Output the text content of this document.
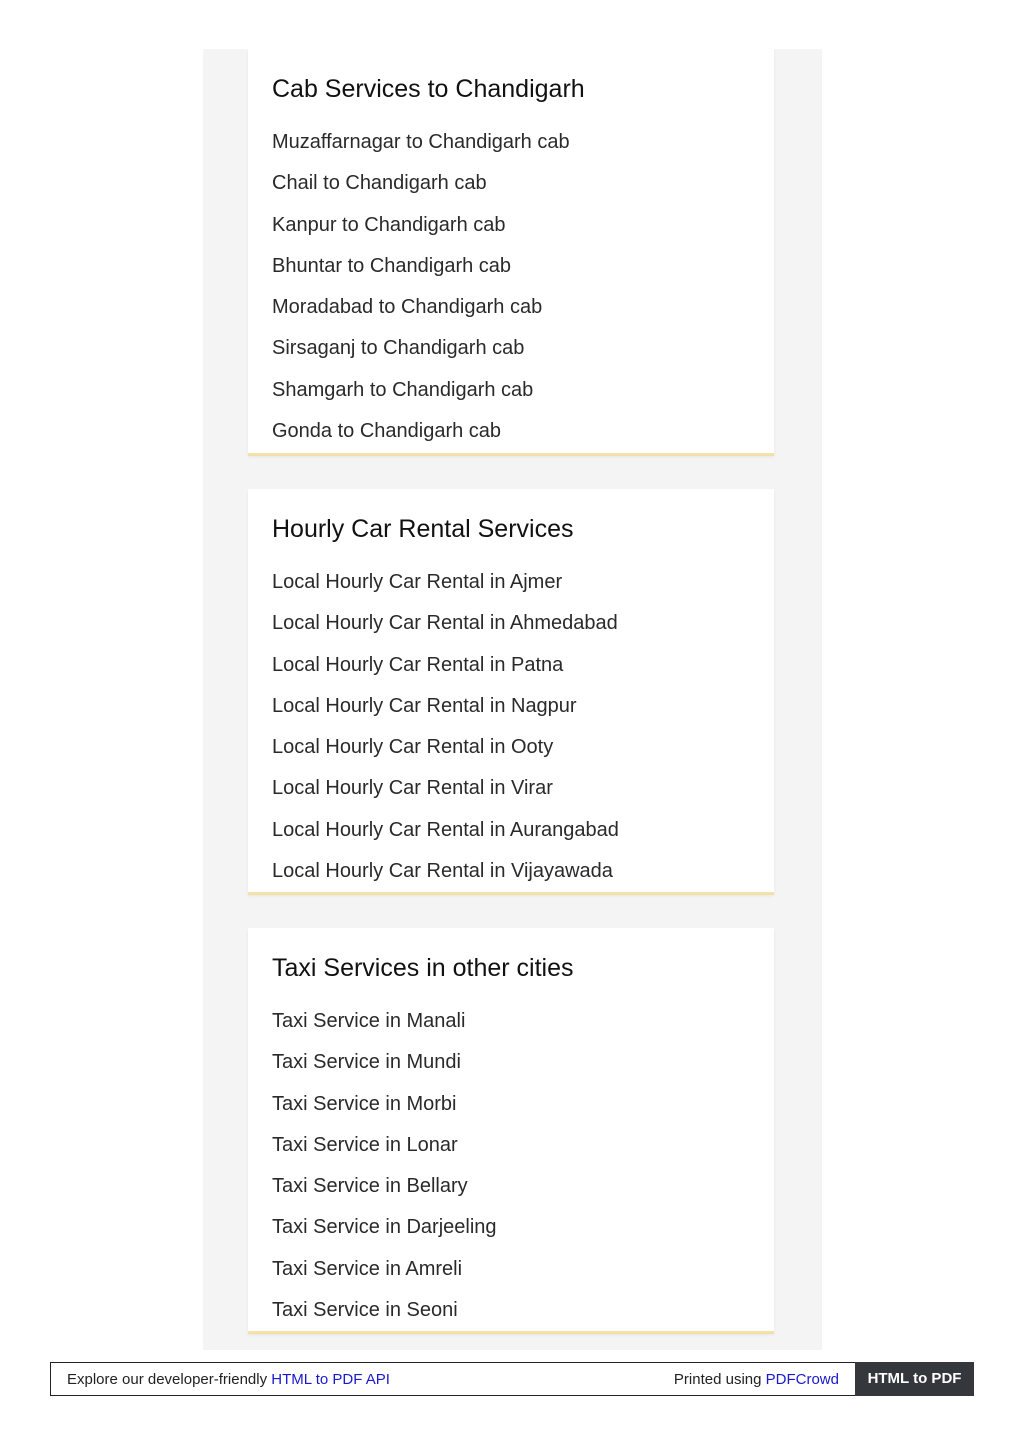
Cab Services to Chandigarh
Muzaffarnagar to Chandigarh cab
Chail to Chandigarh cab
Kanpur to Chandigarh cab
Bhuntar to Chandigarh cab
Moradabad to Chandigarh cab
Sirsaganj to Chandigarh cab
Shamgarh to Chandigarh cab
Gonda to Chandigarh cab
Hourly Car Rental Services
Local Hourly Car Rental in Ajmer
Local Hourly Car Rental in Ahmedabad
Local Hourly Car Rental in Patna
Local Hourly Car Rental in Nagpur
Local Hourly Car Rental in Ooty
Local Hourly Car Rental in Virar
Local Hourly Car Rental in Aurangabad
Local Hourly Car Rental in Vijayawada
Taxi Services in other cities
Taxi Service in Manali
Taxi Service in Mundi
Taxi Service in Morbi
Taxi Service in Lonar
Taxi Service in Bellary
Taxi Service in Darjeeling
Taxi Service in Amreli
Taxi Service in Seoni
Explore our developer-friendly HTML to PDF API	Printed using PDFCrowd	HTML to PDF
